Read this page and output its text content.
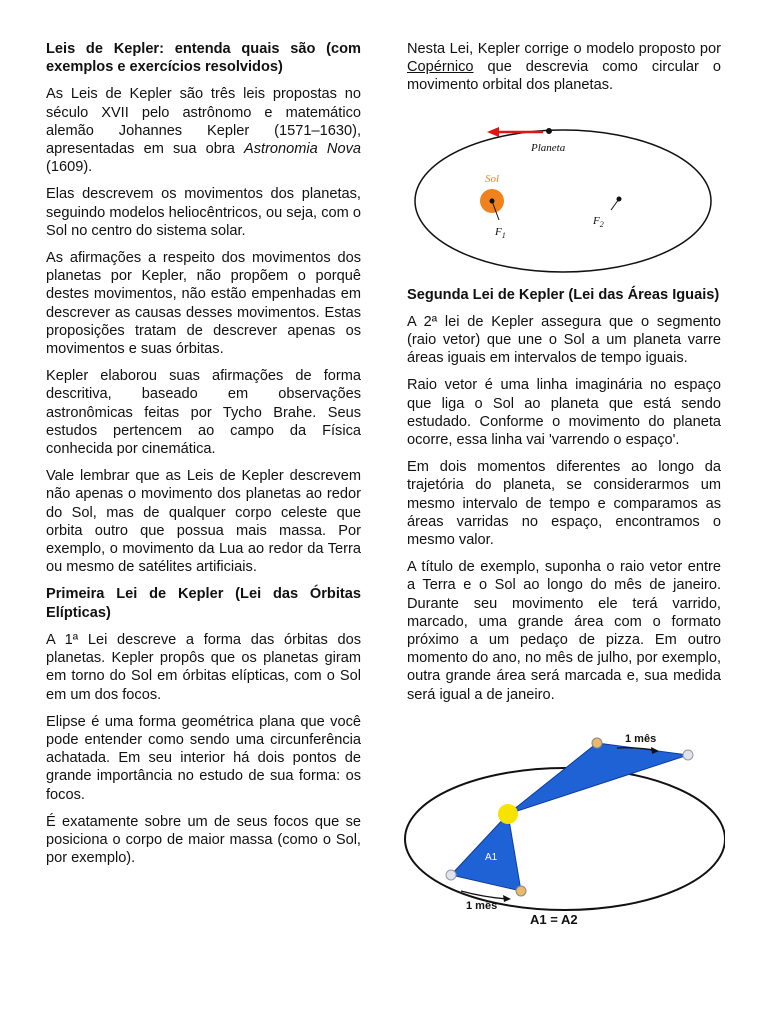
Leis de Kepler: entenda quais são (com exemplos e exercícios resolvidos)

As Leis de Kepler são três leis propostas no século XVII pelo astrônomo e matemático alemão Johannes Kepler (1571–1630), apresentadas em sua obra Astronomia Nova (1609).

Elas descrevem os movimentos dos planetas, seguindo modelos heliocêntricos, ou seja, com o Sol no centro do sistema solar.

As afirmações a respeito dos movimentos dos planetas por Kepler, não propõem o porquê destes movimentos, não estão empenhadas em descrever as causas desses movimentos. Estas proposições tratam de descrever apenas os movimentos e suas órbitas.

Kepler elaborou suas afirmações de forma descritiva, baseado em observações astronômicas feitas por Tycho Brahe. Seus estudos pertencem ao campo da Física conhecida por cinemática.

Vale lembrar que as Leis de Kepler descrevem não apenas o movimento dos planetas ao redor do Sol, mas de qualquer corpo celeste que orbita outro que possua mais massa. Por exemplo, o movimento da Lua ao redor da Terra ou mesmo de satélites artificiais.

Primeira Lei de Kepler (Lei das Órbitas Elípticas)

A 1ª Lei descreve a forma das órbitas dos planetas. Kepler propôs que os planetas giram em torno do Sol em órbitas elípticas, com o Sol em um dos focos.

Elipse é uma forma geométrica plana que você pode entender como sendo uma circunferência achatada. Em seu interior há dois pontos de grande importância no estudo de sua forma: os focos.

É exatamente sobre um de seus focos que se posiciona o corpo de maior massa (como o Sol, por exemplo).

Nesta Lei, Kepler corrige o modelo proposto por Copérnico que descrevia como circular o movimento orbital dos planetas.

Planeta
Sol
$F_1$
$F_2$

Segunda Lei de Kepler (Lei das Áreas Iguais)

A 2ª lei de Kepler assegura que o segmento (raio vetor) que une o Sol a um planeta varre áreas iguais em intervalos de tempo iguais.

Raio vetor é uma linha imaginária no espaço que liga o Sol ao planeta que está sendo estudado. Conforme o movimento do planeta ocorre, essa linha vai 'varrendo o espaço'.

Em dois momentos diferentes ao longo da trajetória do planeta, se considerarmos um mesmo intervalo de tempo e comparamos as áreas varridas no espaço, encontramos o mesmo valor.

A título de exemplo, suponha o raio vetor entre a Terra e o Sol ao longo do mês de janeiro. Durante seu movimento ele terá varrido, marcado, uma grande área com o formato próximo a um pedaço de pizza. Em outro momento do ano, no mês de julho, por exemplo, outra grande área será marcada e, sua medida será igual a de janeiro.

A2
A1
1 mês
1 mês
A1 = A2
